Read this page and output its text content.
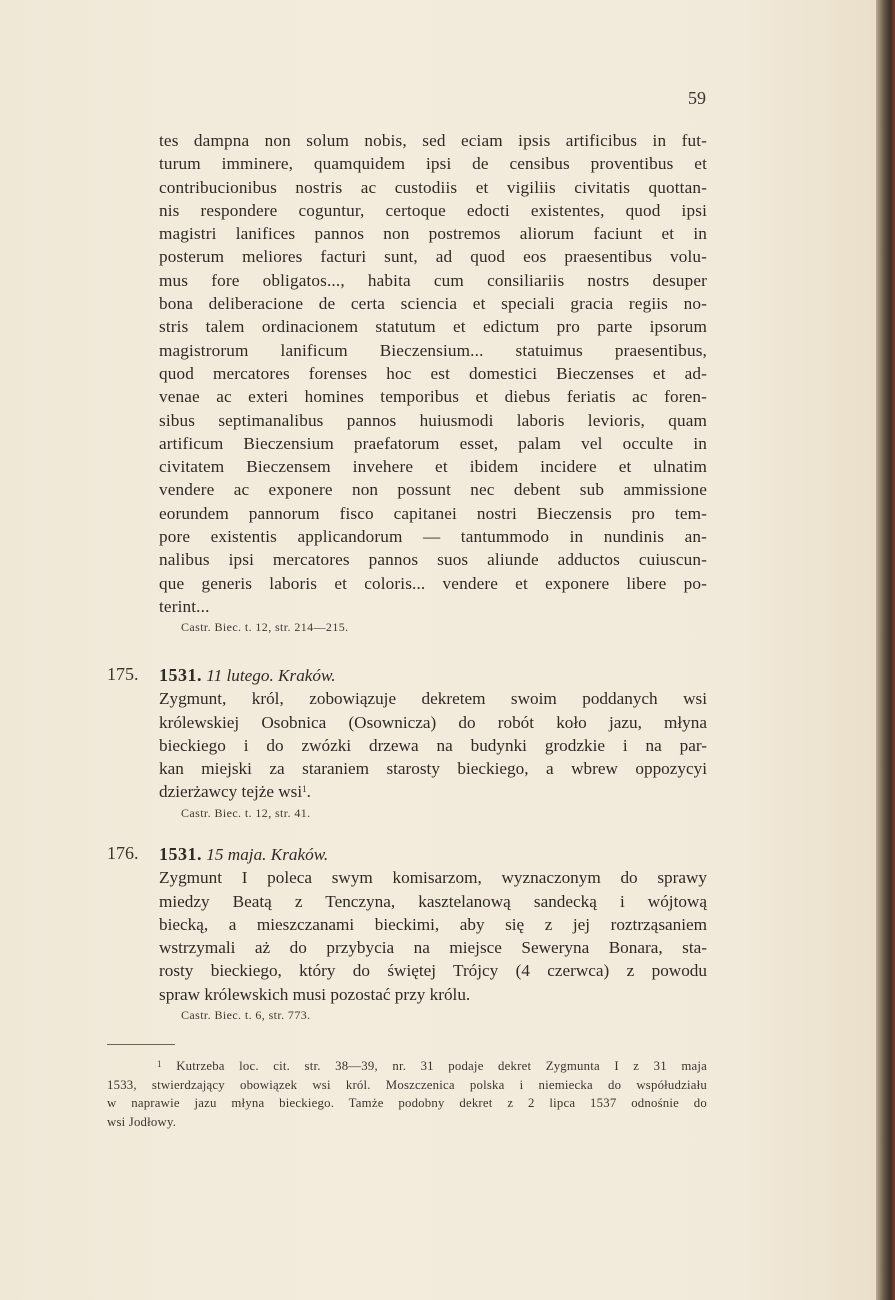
59
tes dampna non solum nobis, sed eciam ipsis artificibus in fut-
turum imminere, quamquidem ipsi de censibus proventibus et
contribucionibus nostris ac custodiis et vigiliis civitatis quottan-
nis respondere coguntur, certoque edocti existentes, quod ipsi
magistri lanifices pannos non postremos aliorum faciunt et in
posterum meliores facturi sunt, ad quod eos praesentibus volu-
mus fore obligatos..., habita cum consiliariis nostrs desuper
bona deliberacione de certa sciencia et speciali gracia regiis no-
stris talem ordinacionem statutum et edictum pro parte ipsorum
magistrorum lanificum Bieczensium... statuimus praesentibus,
quod mercatores forenses hoc est domestici Bieczenses et ad-
venae ac exteri homines temporibus et diebus feriatis ac foren-
sibus septimanalibus pannos huiusmodi laboris levioris, quam
artificum Bieczensium praefatorum esset, palam vel occulte in
civitatem Bieczensem invehere et ibidem incidere et ulnatim
vendere ac exponere non possunt nec debent sub ammissione
eorundem pannorum fisco capitanei nostri Bieczensis pro tem-
pore existentis applicandorum — tantummodo in nundinis an-
nalibus ipsi mercatores pannos suos aliunde adductos cuiuscun-
que generis laboris et coloris... vendere et exponere libere po-
terint...
Castr. Biec. t. 12, str. 214—215.
175. 1531. 11 lutego. Kraków.
Zygmunt, król, zobowiązuje dekretem swoim poddanych wsi
królewskiej Osobnica (Osownicza) do robót koło jazu, młyna
bieckiego i do zwózki drzewa na budynki grodzkie i na par-
kan miejski za staraniem starosty bieckiego, a wbrew oppozycyi
dzierżawcy tejże wsi$^1$.
Castr. Biec. t. 12, str. 41.
176. 1531. 15 maja. Kraków.
Zygmunt I poleca swym komisarzom, wyznaczonym do sprawy
miedzy Beatą z Tenczyna, kasztelanową sandecką i wójtową
biecką, a mieszczanami bieckimi, aby się z jej roztrząsaniem
wstrzymali aż do przybycia na miejsce Seweryna Bonara, sta-
rosty bieckiego, który do świętej Trójcy (4 czerwca) z powodu
spraw królewskich musi pozostać przy królu.
Castr. Biec. t. 6, str. 773.
$^1$ Kutrzeba loc. cit. str. 38—39, nr. 31 podaje dekret Zygmunta I z 31 maja
1533, stwierdzający obowiązek wsi król. Moszczenica polska i niemiecka do współudziału
w naprawie jazu młyna bieckiego. Tamże podobny dekret z 2 lipca 1537 odnośnie do
wsi Jodłowy.
